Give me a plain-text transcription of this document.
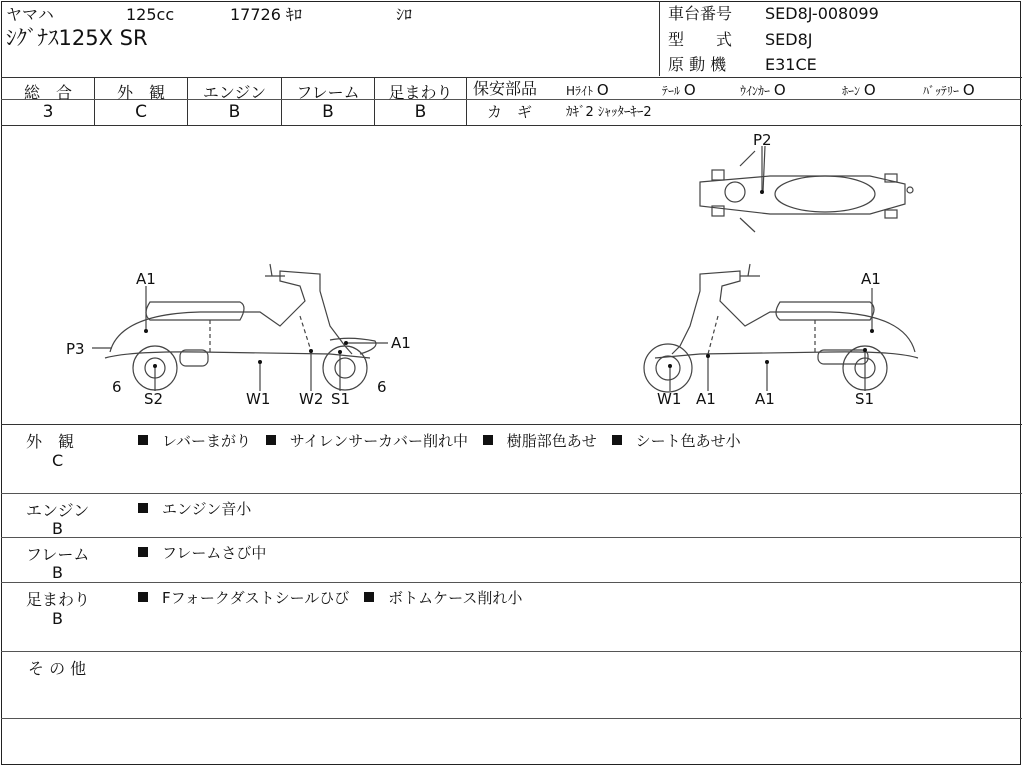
ヤマハ	125cc	17726 ｷﾛ	ｼﾛ
ｼｸﾞﾅｽ125X SR
車台番号 SED8J-008099
型　　式 SED8J
原 動 機 E31CE
総　合	外　観	エンジン	フレーム	足まわり
3	C	B	B	B
保安部品 Hﾗｲﾄ O	ﾃｰﾙ O	ｳｲﾝｶｰ O	ﾎｰﾝ O	ﾊﾞｯﾃﾘｰ O
カ　ギ	ｶｷﾞ2 ｼｬｯﾀｰｷｰ2
P2
A1
P3	A1
6
S2	W1 W2 S1
6
A1
W1 A1	A1	S1
外　観
C
レバーまがり	サイレンサーカバー削れ中	樹脂部色あせ	シート色あせ小
エンジン
B
エンジン音小
フレーム
B
フレームさび中
足まわり
B
Fフォークダストシールひび	ボトムケース削れ小
そ の 他
